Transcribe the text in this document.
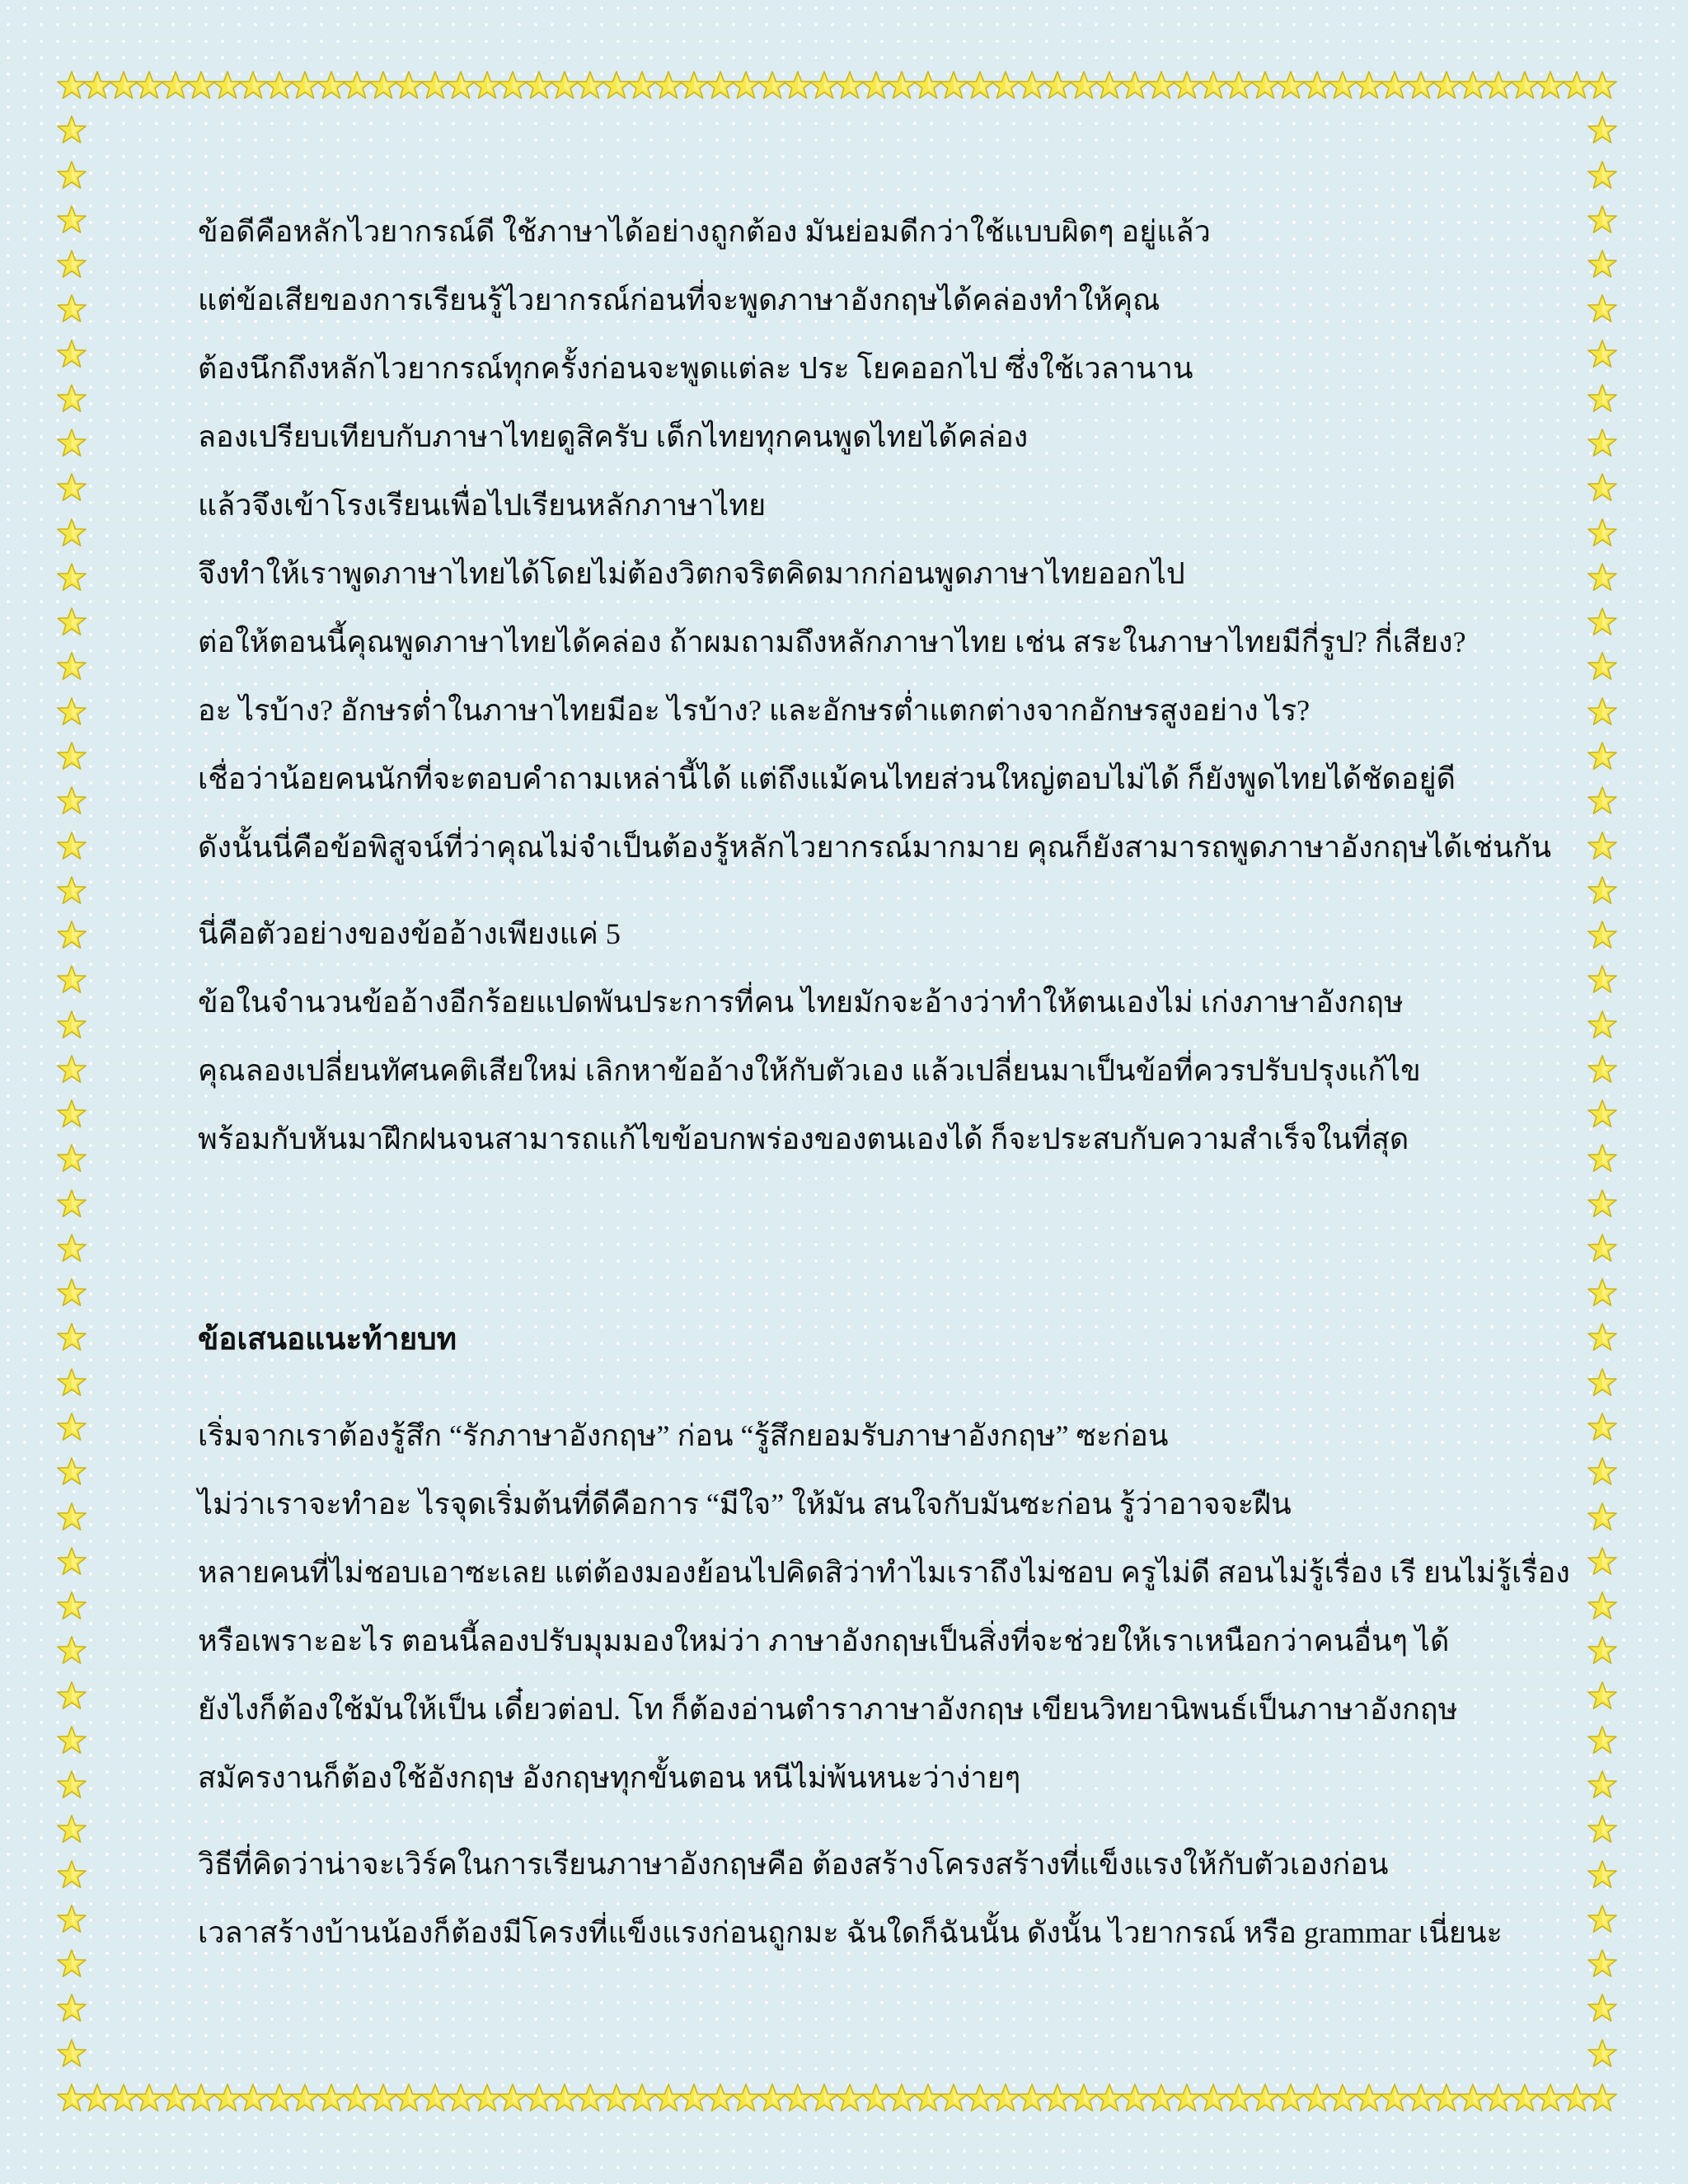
ข้อดีคือหลักไวยากรณ์ดี ใช้ภาษาได้อย่างถูกต้อง มันย่อมดีกว่าใช้แบบผิดๆ อยู่แล้ว
แต่ข้อเสียของการเรียนรู้ไวยากรณ์ก่อนที่จะพูดภาษาอังกฤษได้คล่องทำให้คุณ
ต้องนึกถึงหลักไวยากรณ์ทุกครั้งก่อนจะพูดแต่ละ ประ โยคออกไป ซึ่งใช้เวลานาน
ลองเปรียบเทียบกับภาษาไทยดูสิครับ เด็กไทยทุกคนพูดไทยได้คล่อง
แล้วจึงเข้าโรงเรียนเพื่อไปเรียนหลักภาษาไทย
จึงทำให้เราพูดภาษาไทยได้โดยไม่ต้องวิตกจริตคิดมากก่อนพูดภาษาไทยออกไป
ต่อให้ตอนนี้คุณพูดภาษาไทยได้คล่อง ถ้าผมถามถึงหลักภาษาไทย เช่น สระในภาษาไทยมีกี่รูป? กี่เสียง?
อะ ไรบ้าง? อักษรต่ำในภาษาไทยมีอะ ไรบ้าง? และอักษรต่ำแตกต่างจากอักษรสูงอย่าง ไร?
เชื่อว่าน้อยคนนักที่จะตอบคำถามเหล่านี้ได้ แต่ถึงแม้คนไทยส่วนใหญ่ตอบไม่ได้ ก็ยังพูดไทยได้ชัดอยู่ดี
ดังนั้นนี่คือข้อพิสูจน์ที่ว่าคุณไม่จำเป็นต้องรู้หลักไวยากรณ์มากมาย คุณก็ยังสามารถพูดภาษาอังกฤษได้เช่นกัน
นี่คือตัวอย่างของข้ออ้างเพียงแค่ 5
ข้อในจำนวนข้ออ้างอีกร้อยแปดพันประการที่คน ไทยมักจะอ้างว่าทำให้ตนเองไม่ เก่งภาษาอังกฤษ
คุณลองเปลี่ยนทัศนคติเสียใหม่ เลิกหาข้ออ้างให้กับตัวเอง แล้วเปลี่ยนมาเป็นข้อที่ควรปรับปรุงแก้ไข
พร้อมกับหันมาฝึกฝนจนสามารถแก้ไขข้อบกพร่องของตนเองได้ ก็จะประสบกับความสำเร็จในที่สุด
ข้อเสนอแนะท้ายบท
เริ่มจากเราต้องรู้สึก “รักภาษาอังกฤษ” ก่อน “รู้สึกยอมรับภาษาอังกฤษ” ซะก่อน
ไม่ว่าเราจะทำอะ ไรจุดเริ่มต้นที่ดีคือการ “มีใจ” ให้มัน สนใจกับมันซะก่อน รู้ว่าอาจจะฝืน
หลายคนที่ไม่ชอบเอาซะเลย แต่ต้องมองย้อนไปคิดสิว่าทำไมเราถึงไม่ชอบ ครูไม่ดี สอนไม่รู้เรื่อง เรี ยนไม่รู้เรื่อง
หรือเพราะอะไร ตอนนี้ลองปรับมุมมองใหม่ว่า ภาษาอังกฤษเป็นสิ่งที่จะช่วยให้เราเหนือกว่าคนอื่นๆ ได้
ยังไงก็ต้องใช้มันให้เป็น เดี๋ยวต่อป. โท ก็ต้องอ่านตำราภาษาอังกฤษ เขียนวิทยานิพนธ์เป็นภาษาอังกฤษ
สมัครงานก็ต้องใช้อังกฤษ อังกฤษทุกขั้นตอน หนีไม่พ้นหนะว่าง่ายๆ
วิธีที่คิดว่าน่าจะเวิร์คในการเรียนภาษาอังกฤษคือ ต้องสร้างโครงสร้างที่แข็งแรงให้กับตัวเองก่อน
เวลาสร้างบ้านน้องก็ต้องมีโครงที่แข็งแรงก่อนถูกมะ ฉันใดก็ฉันนั้น ดังนั้น ไวยากรณ์ หรือ grammar เนี่ยนะ
